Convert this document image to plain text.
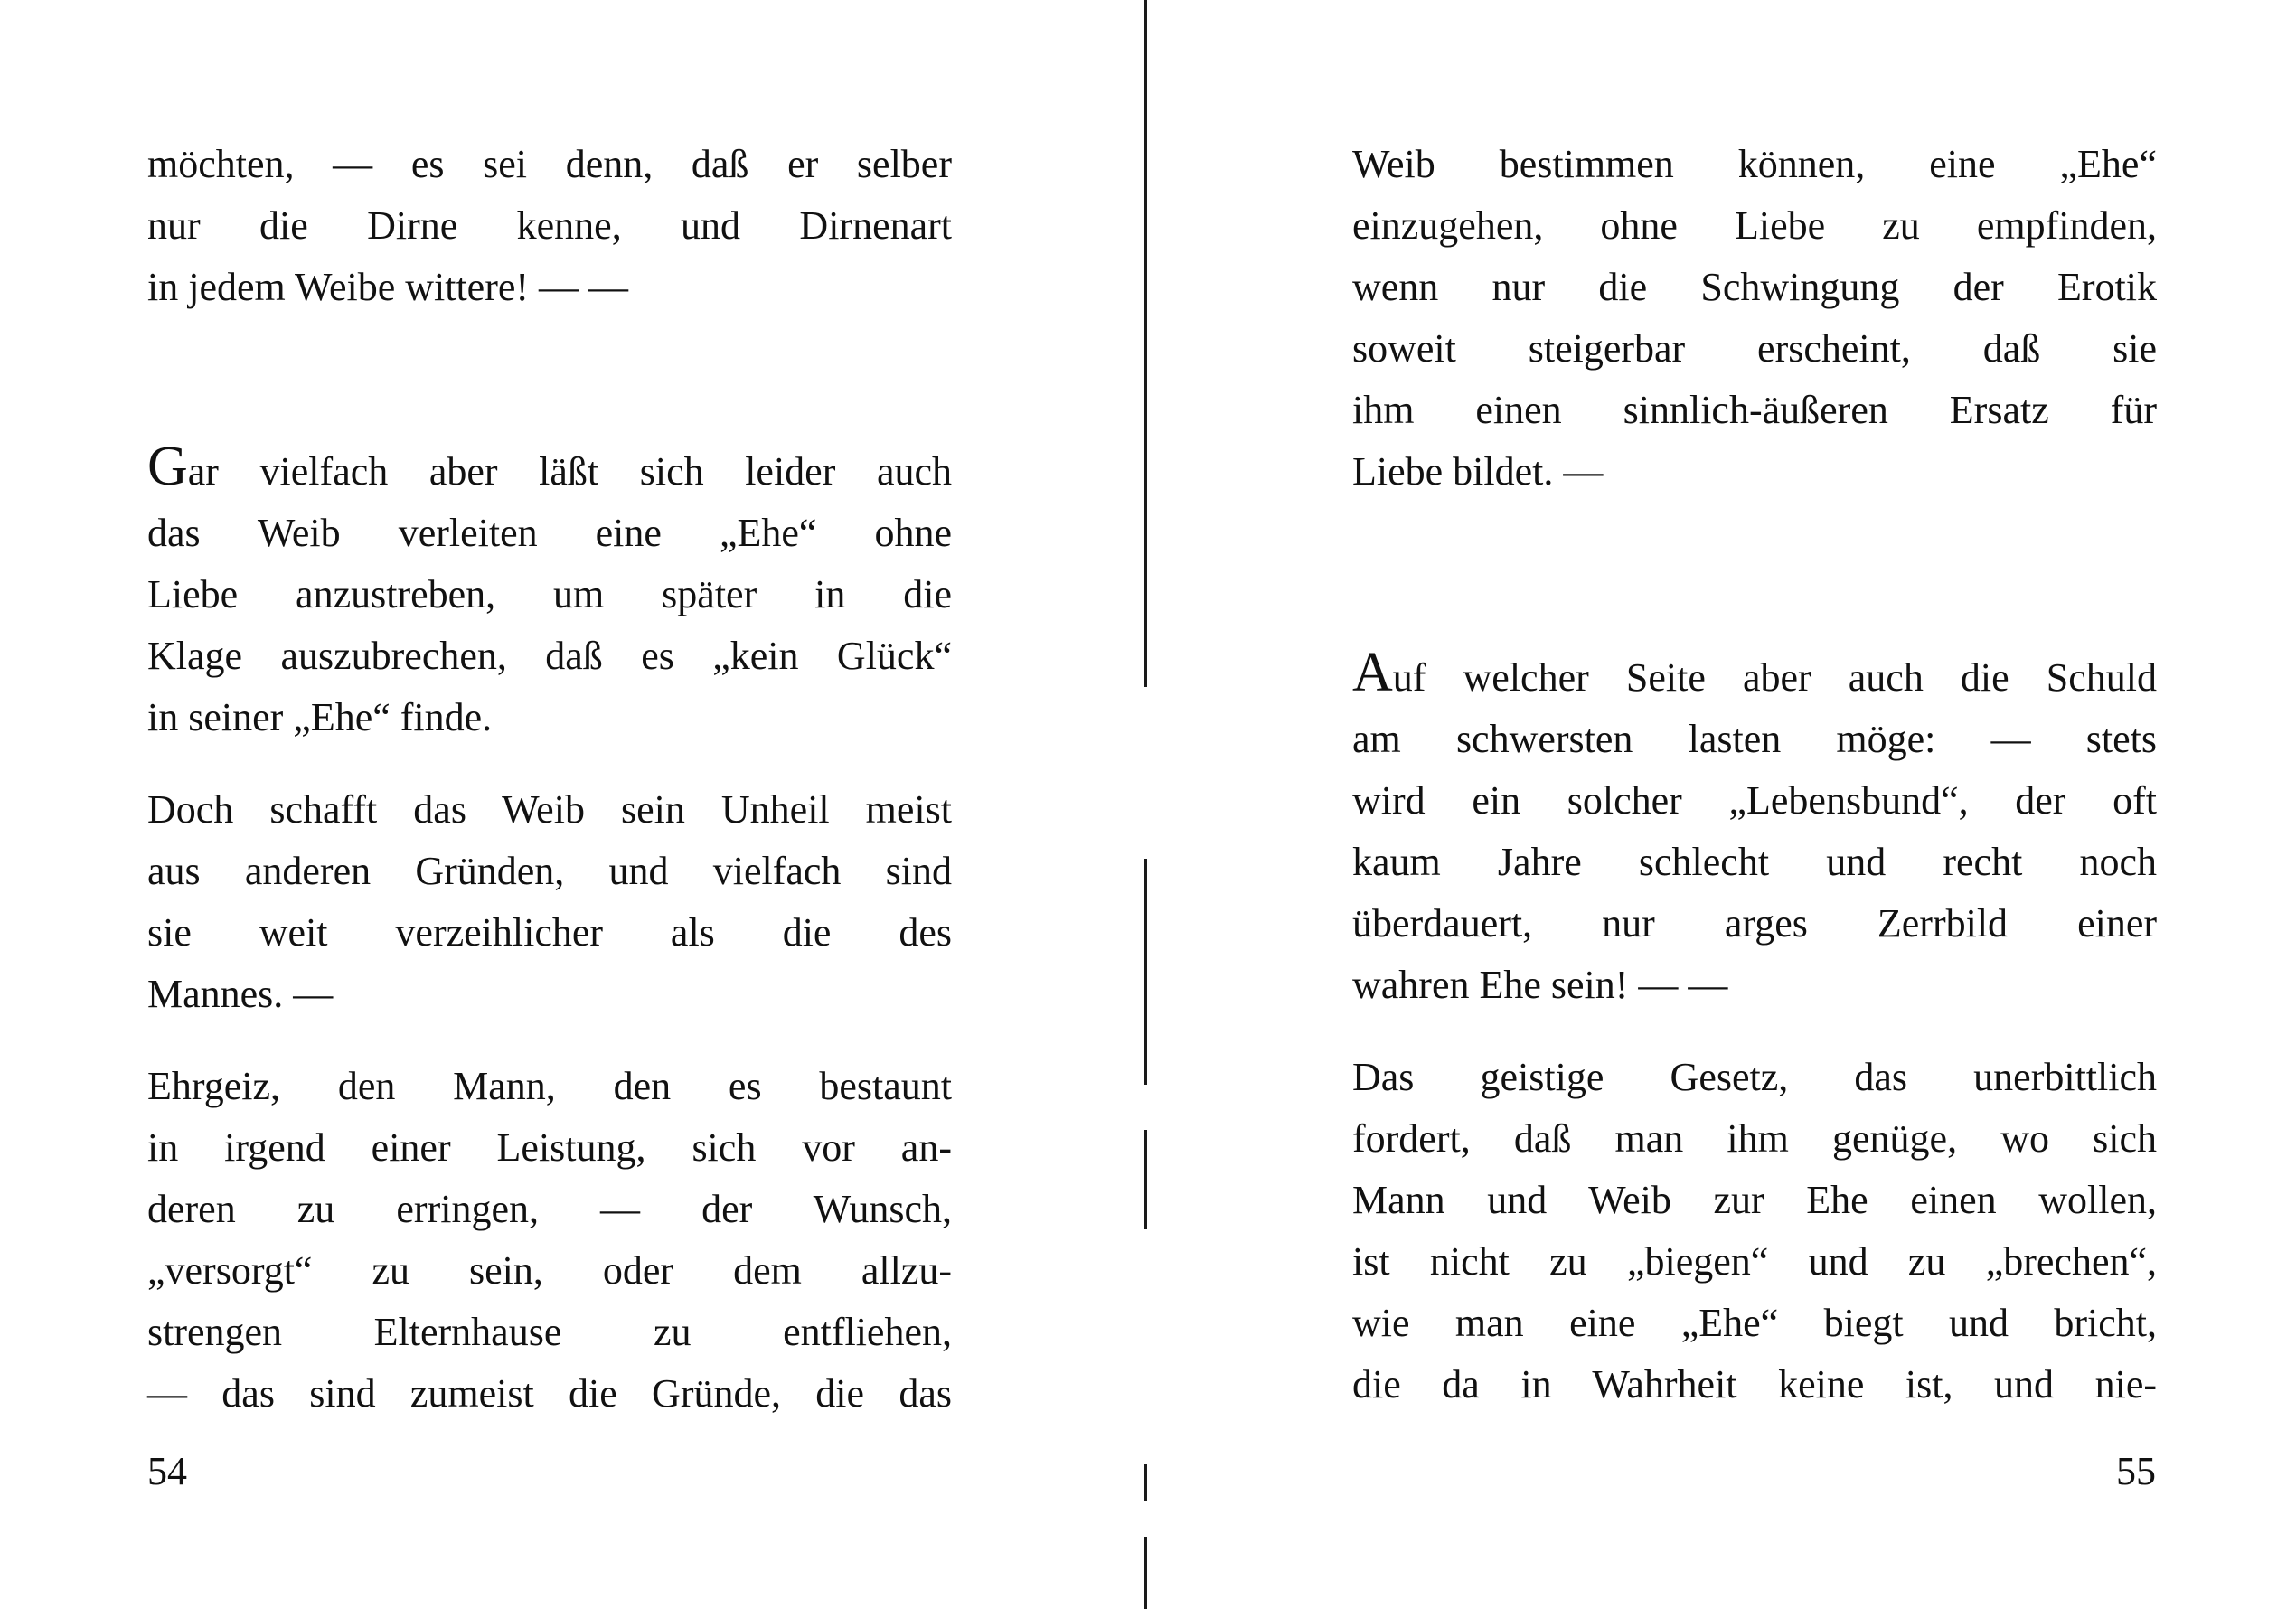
möchten, — es sei denn, daß er selber
nur die Dirne kenne, und Dirnenart
in jedem Weibe wittere! — —
Gar vielfach aber läßt sich leider auch
das Weib verleiten eine „Ehe“ ohne
Liebe anzustreben, um später in die
Klage auszubrechen, daß es „kein Glück“
in seiner „Ehe“ finde.
Doch schafft das Weib sein Unheil meist
aus anderen Gründen, und vielfach sind
sie weit verzeihlicher als die des
Mannes. —
Ehrgeiz, den Mann, den es bestaunt
in irgend einer Leistung, sich vor an-
deren zu erringen, — der Wunsch,
„versorgt“ zu sein, oder dem allzu-
strengen Elternhause zu entfliehen,
— das sind zumeist die Gründe, die das
54
Weib bestimmen können, eine „Ehe“
einzugehen, ohne Liebe zu empfinden,
wenn nur die Schwingung der Erotik
soweit steigerbar erscheint, daß sie
ihm einen sinnlich-äußeren Ersatz für
Liebe bildet. —
Auf welcher Seite aber auch die Schuld
am schwersten lasten möge: — stets
wird ein solcher „Lebensbund“, der oft
kaum Jahre schlecht und recht noch
überdauert, nur arges Zerrbild einer
wahren Ehe sein! — —
Das geistige Gesetz, das unerbittlich
fordert, daß man ihm genüge, wo sich
Mann und Weib zur Ehe einen wollen,
ist nicht zu „biegen“ und zu „brechen“,
wie man eine „Ehe“ biegt und bricht,
die da in Wahrheit keine ist, und nie-
55
